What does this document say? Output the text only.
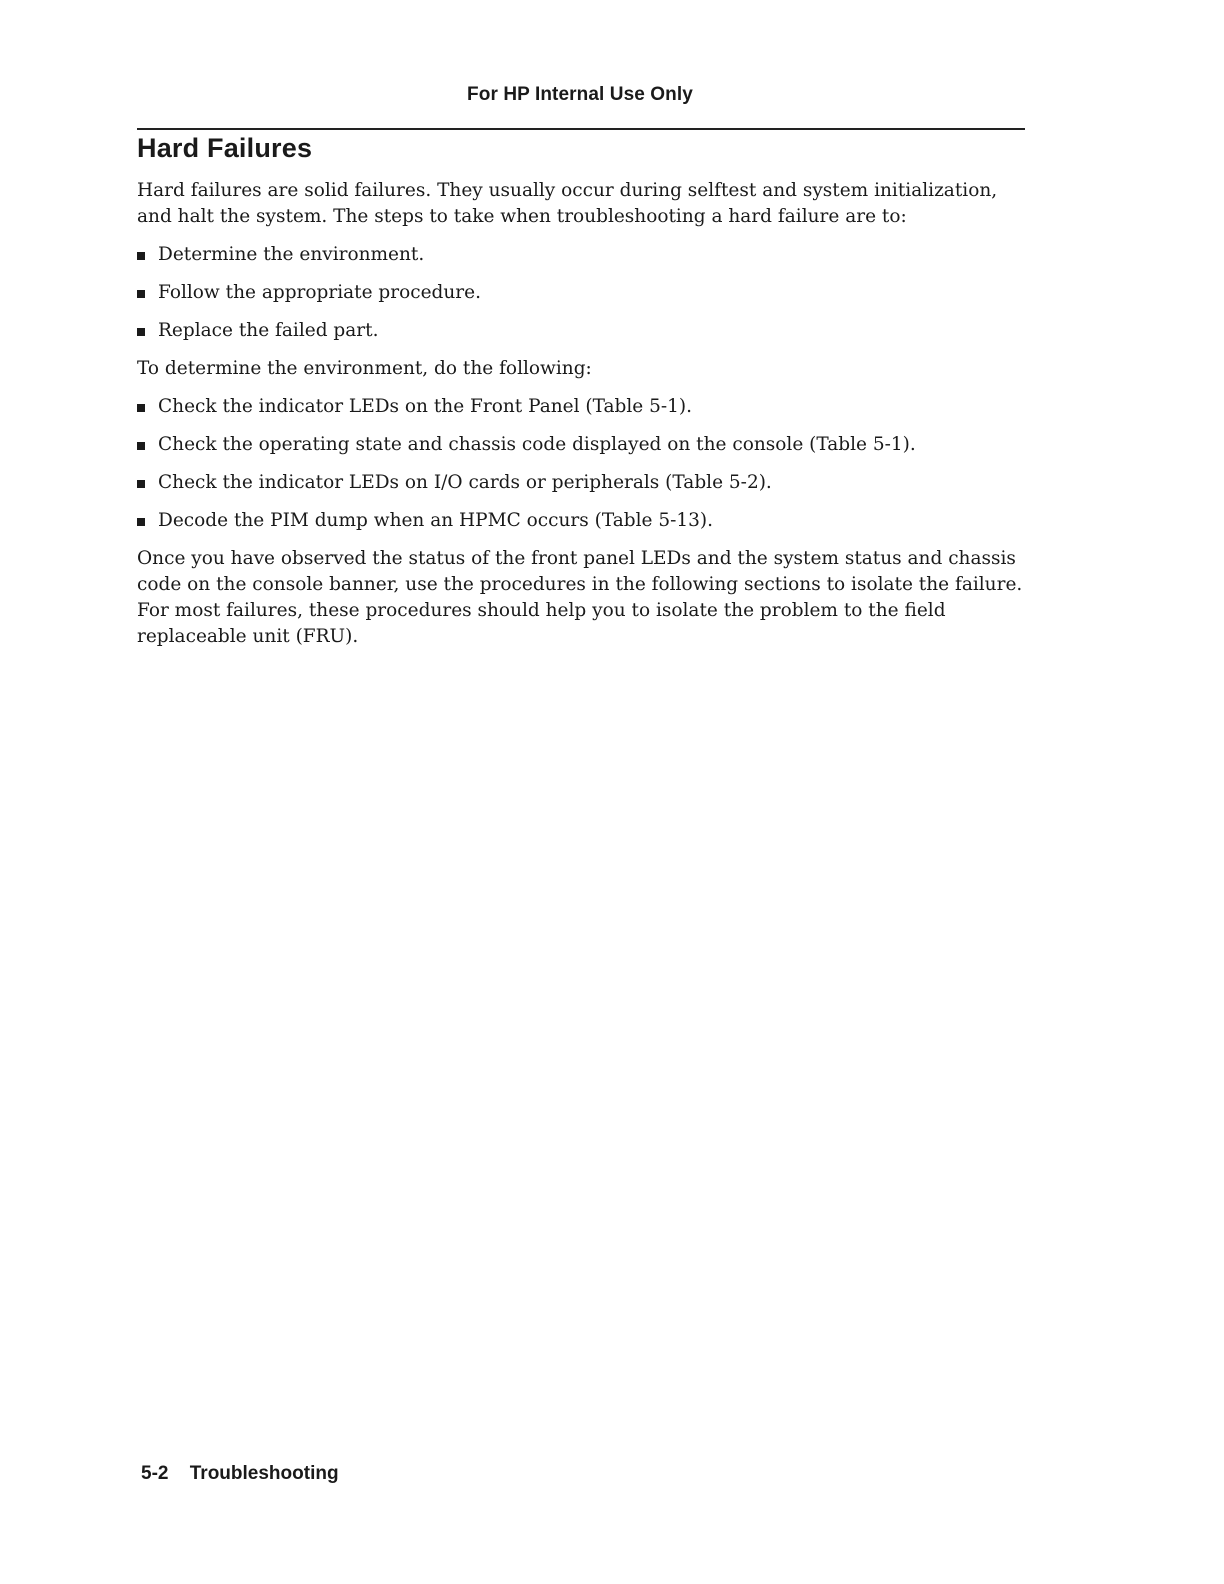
For HP Internal Use Only
Hard Failures

Hard failures are solid failures. They usually occur during selftest and system initialization, and halt the system. The steps to take when troubleshooting a hard failure are to:

Determine the environment.
Follow the appropriate procedure.
Replace the failed part.

To determine the environment, do the following:

Check the indicator LEDs on the Front Panel (Table 5-1).
Check the operating state and chassis code displayed on the console (Table 5-1).
Check the indicator LEDs on I/O cards or peripherals (Table 5-2).
Decode the PIM dump when an HPMC occurs (Table 5-13).

Once you have observed the status of the front panel LEDs and the system status and chassis code on the console banner, use the procedures in the following sections to isolate the failure. For most failures, these procedures should help you to isolate the problem to the field replaceable unit (FRU).

5-2 Troubleshooting
